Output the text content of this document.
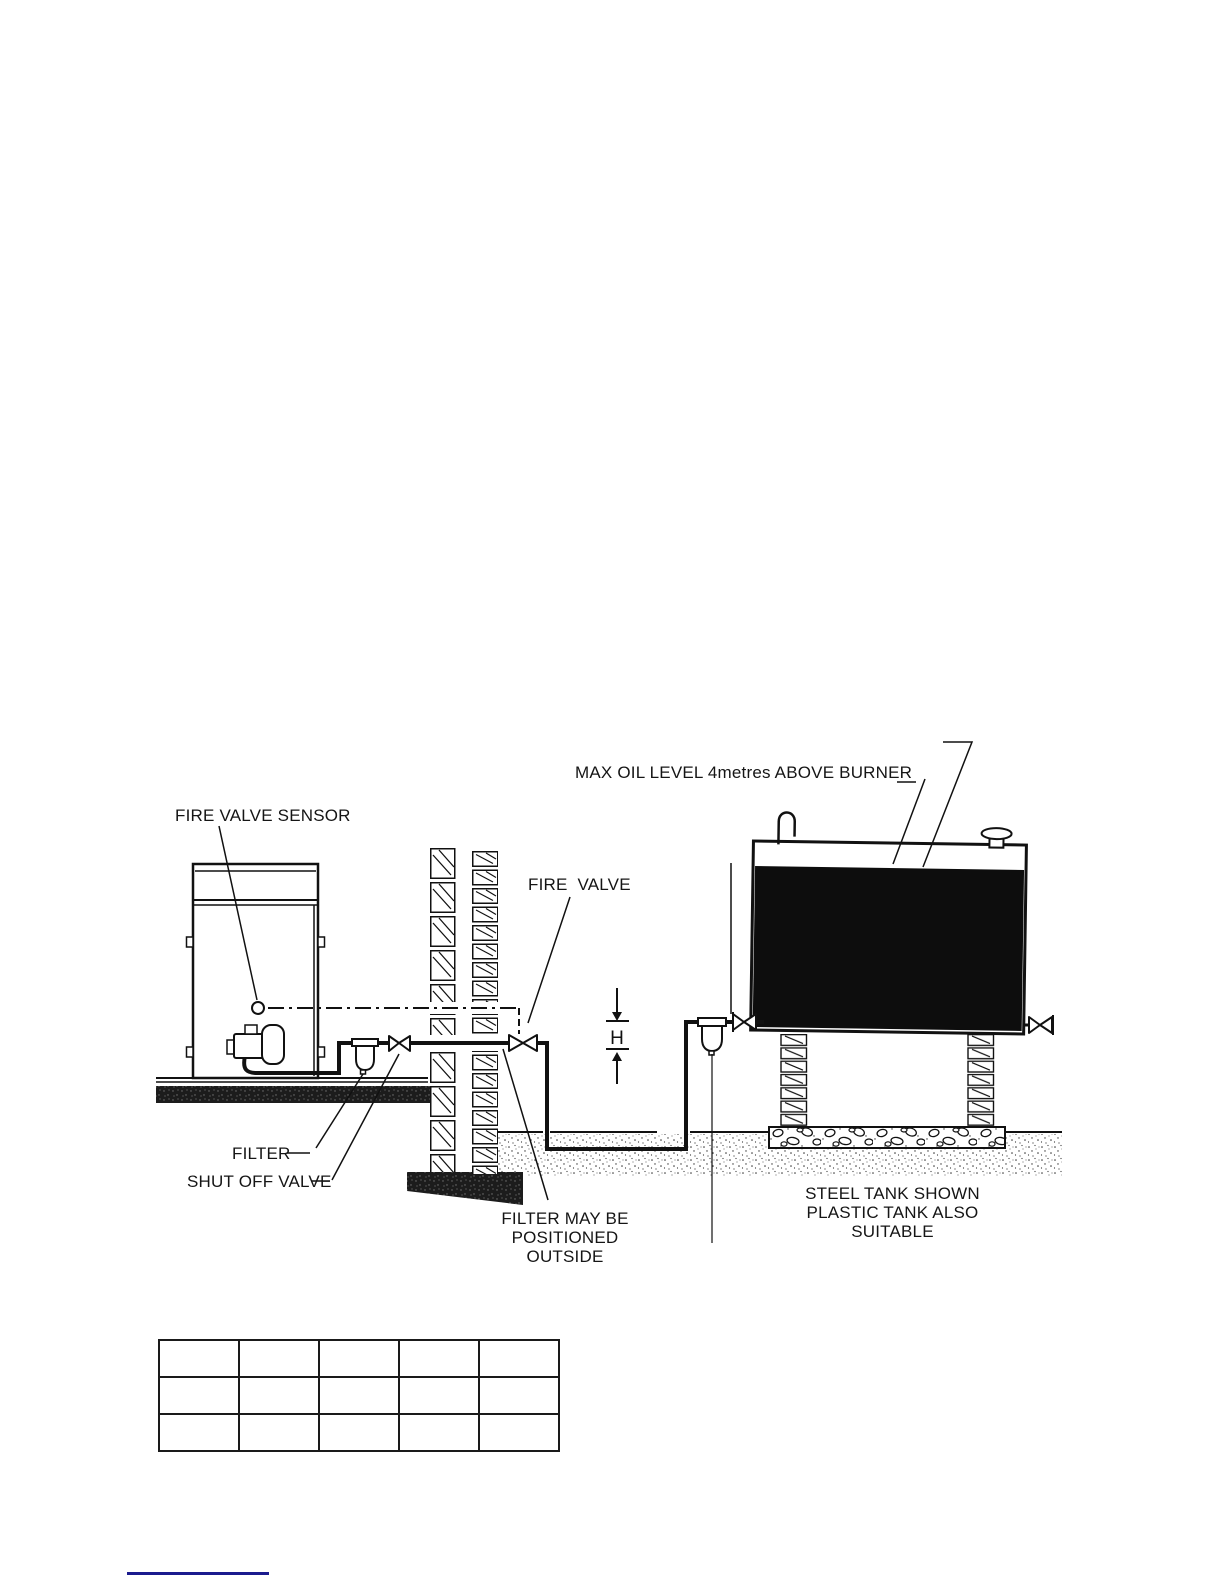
H
FIRE VALVE SENSOR
MAX OIL LEVEL 4metres ABOVE BURNER
FIRE VALVE
FILTER
SHUT OFF VALVE
FILTER MAY BE
POSITIONED
OUTSIDE
STEEL TANK SHOWN
PLASTIC TANK ALSO SUITABLE
